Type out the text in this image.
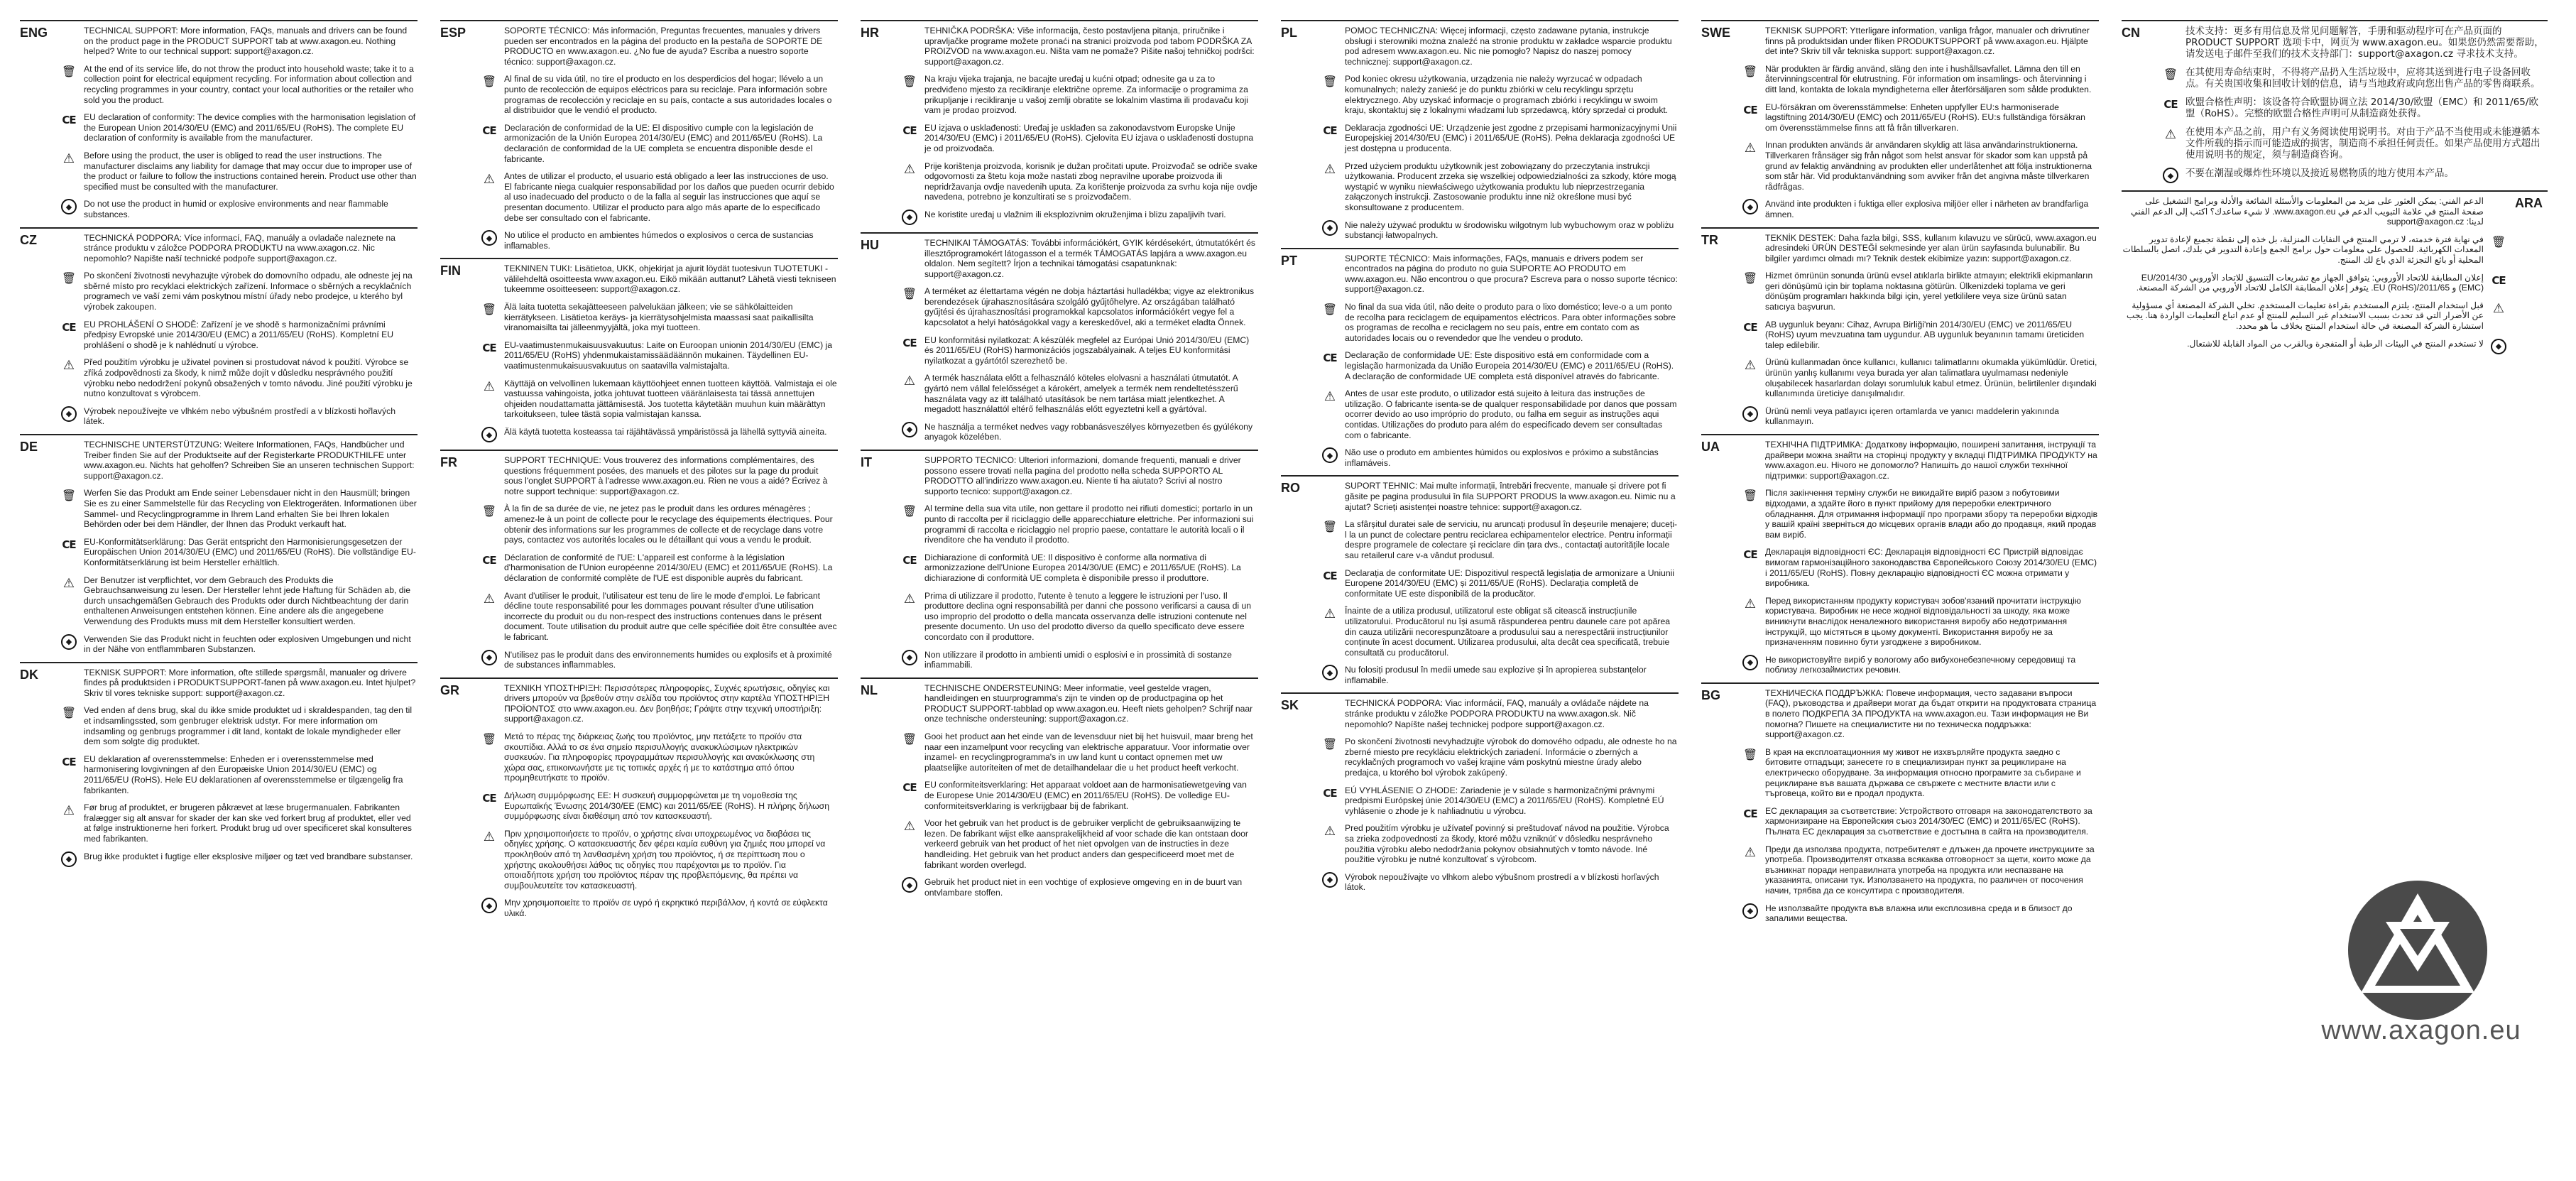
ENG	TECHNICAL SUPPORT: More information, FAQs, manuals and drivers can be found on the product page in the PRODUCT SUPPORT tab at www.axagon.eu. Nothing helped? Write to our technical support: support@axagon.cz.
🗑 At the end of its service life, do not throw the product into household waste; take it to a collection point for electrical equipment recycling. For information about collection and recycling programmes in your country, contact your local authorities or the retailer who sold you the product.
CE EU declaration of conformity: The device complies with the harmonisation legislation of the European Union 2014/30/EU (EMC) and 2011/65/EU (RoHS). The complete EU declaration of conformity is available from the manufacturer.
⚠ Before using the product, the user is obliged to read the user instructions. The manufacturer disclaims any liability for damage that may occur due to improper use of the product or failure to follow the instructions contained herein. Product use other than specified must be consulted with the manufacturer.
◆	Do not use the product in humid or explosive environments and near flammable substances.
CZ	TECHNICKÁ PODPORA: Více informací, FAQ, manuály a ovladače naleznete na stránce produktu v záložce PODPORA PRODUKTU na www.axagon.cz. Nic nepomohlo? Napište naší technické podpoře support@axagon.cz.
🗑 Po skončení životnosti nevyhazujte výrobek do domovního odpadu, ale odneste jej na sběrné místo pro recyklaci elektrických zařízení. Informace o sběrných a recyklačních programech ve vaší zemi vám poskytnou místní úřady nebo prodejce, u kterého byl výrobek zakoupen.
CE EU PROHLÁŠENÍ O SHODĚ: Zařízení je ve shodě s harmonizačními právními předpisy Evropské unie 2014/30/EU (EMC) a 2011/65/EU (RoHS). Kompletní EU prohlášení o shodě je k nahlédnutí u výrobce.
⚠ Před použitím výrobku je uživatel povinen si prostudovat návod k použití. Výrobce se zříká zodpovědnosti za škody, k nimž může dojít v důsledku nesprávného použití výrobku nebo nedodržení pokynů obsažených v tomto návodu. Jiné použití výrobku je nutno konzultovat s výrobcem.
◆	Výrobek nepoužívejte ve vlhkém nebo výbušném prostředí a v blízkosti hořlavých látek.
DE	TECHNISCHE UNTERSTÜTZUNG: Weitere Informationen, FAQs, Handbücher und Treiber finden Sie auf der Produktseite auf der Registerkarte PRODUKTHILFE unter www.axagon.eu. Nichts hat geholfen? Schreiben Sie an unseren technischen Support: support@axagon.cz.
🗑 Werfen Sie das Produkt am Ende seiner Lebensdauer nicht in den Hausmüll; bringen Sie es zu einer Sammelstelle für das Recycling von Elektrogeräten. Informationen über Sammel- und Recyclingprogramme in Ihrem Land erhalten Sie bei Ihren lokalen Behörden oder bei dem Händler, der Ihnen das Produkt verkauft hat.
CE EU-Konformitätserklärung: Das Gerät entspricht den Harmonisierungsgesetzen der Europäischen Union 2014/30/EU (EMC) und 2011/65/EU (RoHS). Die vollständige EU-Konformitätserklärung ist beim Hersteller erhältlich.
⚠ Der Benutzer ist verpflichtet, vor dem Gebrauch des Produkts die Gebrauchsanweisung zu lesen. Der Hersteller lehnt jede Haftung für Schäden ab, die durch unsachgemäßen Gebrauch des Produkts oder durch Nichtbeachtung der darin enthaltenen Anweisungen entstehen können. Eine andere als die angegebene Verwendung des Produkts muss mit dem Hersteller konsultiert werden.
◆	Verwenden Sie das Produkt nicht in feuchten oder explosiven Umgebungen und nicht in der Nähe von entflammbaren Substanzen.
DK	TEKNISK SUPPORT: More information, ofte stillede spørgsmål, manualer og drivere findes på produktsiden i PRODUKTSUPPORT-fanen på www.axagon.eu. Intet hjulpet? Skriv til vores tekniske support: support@axagon.cz.
🗑 Ved enden af dens brug, skal du ikke smide produktet ud i skraldespanden, tag den til et indsamlingssted, som genbruger elektrisk udstyr. For mere information om indsamling og genbrugs programmer i dit land, kontakt de lokale myndigheder eller dem som solgte dig produktet.
CE EU deklaration af overensstemmelse: Enheden er i overensstemmelse med harmonisering lovgivningen af den Europæiske Union 2014/30/EU (EMC) og 2011/65/EU (RoHS). Hele EU deklarationen af overensstemmelse er tilgængelig fra fabrikanten.
⚠ Før brug af produktet, er brugeren påkrævet at læse brugermanualen. Fabrikanten fralægger sig alt ansvar for skader der kan ske ved forkert brug af produktet, eller ved at følge instruktionerne heri forkert. Produkt brug ud over specificeret skal konsulteres med fabrikanten.
◆	Brug ikke produktet i fugtige eller eksplosive miljøer og tæt ved brandbare substanser.
ESP	SOPORTE TÉCNICO: Más información, Preguntas frecuentes, manuales y drivers pueden ser encontrados en la página del producto en la pestaña de SOPORTE DE PRODUCTO en www.axagon.eu. ¿No fue de ayuda? Escriba a nuestro soporte técnico: support@axagon.cz.
🗑 Al final de su vida útil, no tire el producto en los desperdicios del hogar; llévelo a un punto de recolección de equipos eléctricos para su reciclaje. Para información sobre programas de recolección y reciclaje en su país, contacte a sus autoridades locales o al distribuidor que le vendió el producto.
CE Declaración de conformidad de la UE: El dispositivo cumple con la legislación de armonización de la Unión Europea 2014/30/EU (EMC) and 2011/65/EU (RoHS). La declaración de conformidad de la UE completa se encuentra disponible desde el fabricante.
⚠ Antes de utilizar el producto, el usuario está obligado a leer las instrucciones de uso. El fabricante niega cualquier responsabilidad por los daños que pueden ocurrir debido al uso inadecuado del producto o de la falla al seguir las instrucciones que aquí se presentan documento. Utilizar el producto para algo más aparte de lo especificado debe ser consultado con el fabricante.
◆	No utilice el producto en ambientes húmedos o explosivos o cerca de sustancias inflamables.
FIN	TEKNINEN TUKI: Lisätietoa, UKK, ohjekirjat ja ajurit löydät tuotesivun TUOTETUKI -välilehdeltä osoitteesta www.axagon.eu. Eikö mikään auttanut? Lähetä viesti tekniseen tukeemme osoitteeseen: support@axagon.cz.
🗑 Älä laita tuotetta sekajätteeseen palvelukäan jälkeen; vie se sähkölaitteiden kierrätykseen. Lisätietoa keräys- ja kierrätysohjelmista maassasi saat paikallisilta viranomaisilta tai jälleenmyyjältä, joka myi tuotteen.
CE EU-vaatimustenmukaisuusvakuutus: Laite on Euroopan unionin 2014/30/EU (EMC) ja 2011/65/EU (RoHS) yhdenmukaistamissäädäännön mukainen. Täydellinen EU-vaatimustenmukaisuusvakuutus on saatavilla valmistajalta.
⚠ Käyttäjä on velvollinen lukemaan käyttöohjeet ennen tuotteen käyttöä. Valmistaja ei ole vastuussa vahingoista, jotka johtuvat tuotteen vääränlaisesta tai tässä annettujen ohjeiden noudattamatta jättämisestä. Jos tuotetta käytetään muuhun kuin määrättyn tarkoitukseen, tulee tästä sopia valmistajan kanssa.
◆	Älä käytä tuotetta kosteassa tai räjähtävässä ympäristössä ja lähellä syttyviä aineita.
FR	SUPPORT TECHNIQUE: Vous trouverez des informations complémentaires, des questions fréquemment posées, des manuels et des pilotes sur la page du produit sous l'onglet SUPPORT à l'adresse www.axagon.eu. Rien ne vous a aidé? Écrivez à notre support technique: support@axagon.cz.
🗑 À la fin de sa durée de vie, ne jetez pas le produit dans les ordures ménagères ; amenez-le à un point de collecte pour le recyclage des équipements électriques. Pour obtenir des informations sur les programmes de collecte et de recyclage dans votre pays, contactez vos autorités locales ou le détaillant qui vous a vendu le produit.
CE Déclaration de conformité de l'UE: L'appareil est conforme à la législation d'harmonisation de l'Union européenne 2014/30/EU (EMC) et 2011/65/UE (RoHS). La déclaration de conformité complète de l'UE est disponible auprès du fabricant.
⚠ Avant d'utiliser le produit, l'utilisateur est tenu de lire le mode d'emploi. Le fabricant décline toute responsabilité pour les dommages pouvant résulter d'une utilisation incorrecte du produit ou du non-respect des instructions contenues dans le présent document. Toute utilisation du produit autre que celle spécifiée doit être consultée avec le fabricant.
◆	N'utilisez pas le produit dans des environnements humides ou explosifs et à proximité de substances inflammables.
GR	ΤΕΧΝΙΚΗ ΥΠΟΣΤΗΡΙΞΗ: Περισσότερες πληροφορίες, Συχνές ερωτήσεις, οδηγίες και drivers μπορούν να βρεθούν στην σελίδα του προϊόντος στην καρτέλα ΥΠΟΣΤΗΡΙΞΗ ΠΡΟΪΟΝΤΟΣ στο www.axagon.eu. Δεν βοηθήσε; Γράψτε στην τεχνική υποστήριξη: support@axagon.cz.
🗑 Μετά το πέρας της διάρκειας ζωής του προϊόντος, μην πετάξετε το προϊόν στα σκουπίδια. Αλλά το σε ένα σημείο περισυλλογής ανακυκλώσιμων ηλεκτρικών συσκευών. Για πληροφορίες προγραμμάτων περισυλλογής και ανακύκλωσης στη χώρα σας, επικοινωνήστε με τις τοπικές αρχές ή με το κατάστημα από όπου προμηθευτήκατε το προϊόν.
CE Δήλωση συμμόρφωσης ΕΕ: Η συσκευή συμμορφώνεται με τη νομοθεσία της Ευρωπαϊκής Ένωσης 2014/30/ΕΕ (EMC) και 2011/65/ΕΕ (RoHS). Η πλήρης δήλωση συμμόρφωσης είναι διαθέσιμη από τον κατασκευαστή.
⚠ Πριν χρησιμοποιήσετε το προϊόν, ο χρήστης είναι υποχρεωμένος να διαβάσει τις οδηγίες χρήσης. Ο κατασκευαστής δεν φέρει καμία ευθύνη για ζημιές που μπορεί να προκληθούν από τη λανθασμένη χρήση του προϊόντος, ή σε περίπτωση που ο χρήστης ακολουθήσει λάθος τις οδηγίες που παρέχονται με το προϊόν. Για οποιαδήποτε χρήση του προϊόντος πέραν της προβλεπόμενης, θα πρέπει να συμβουλευτείτε τον κατασκευαστή.
◆	Μην χρησιμοποιείτε το προϊόν σε υγρό ή εκρηκτικό περιβάλλον, ή κοντά σε εύφλεκτα υλικά.
HR	TEHNIČKA PODRŠKA: Više informacija, često postavljena pitanja, priručnike i upravljačke programe možete pronaći na stranici proizvoda pod tabom PODRŠKA ZA PROIZVOD na www.axagon.eu. Ništa vam ne pomaže? Pišite našoj tehničkoj podršci: support@axagon.cz.
🗑 Na kraju vijeka trajanja, ne bacajte uređaj u kućni otpad; odnesite ga u za to predviđeno mjesto za recikliranje električne opreme. Za informacije o programima za prikupljanje i recikliranje u vašoj zemlji obratite se lokalnim vlastima ili prodavaču koji vam je prodao proizvod.
CE EU izjava o usklađenosti: Uređaj je usklađen sa zakonodavstvom Europske Unije 2014/30/EU (EMC) i 2011/65/EU (RoHS). Cjelovita EU izjava o usklađenosti dostupna je od proizvođača.
⚠ Prije korištenja proizvoda, korisnik je dužan pročitati upute. Proizvođač se odriče svake odgovornosti za štetu koja može nastati zbog nepravilne uporabe proizvoda ili nepridržavanja ovdje navedenih uputa. Za korištenje proizvoda za svrhu koja nije ovdje navedena, potrebno je konzultirati se s proizvođačem.
◆	Ne koristite uređaj u vlažnim ili eksplozivnim okruženjima i blizu zapaljivih tvari.
HU	TECHNIKAI TÁMOGATÁS: További információkért, GYIK kérdésekért, útmutatókért és illesztőprogramokért látogasson el a termék TÁMOGATÁS lapjára a www.axagon.eu oldalon. Nem segített? Írjon a technikai támogatási csapatunknak: support@axagon.cz.
🗑 A terméket az élettartama végén ne dobja háztartási hulladékba; vigye az elektronikus berendezések újrahasznosítására szolgáló gyűjtőhelyre. Az országában található gyűjtési és újrahasznosítási programokkal kapcsolatos információkért vegye fel a kapcsolatot a helyi hatóságokkal vagy a kereskedővel, aki a terméket eladta Önnek.
CE EU konformitási nyilatkozat: A készülék megfelel az Európai Unió 2014/30/EU (EMC) és 2011/65/EU (RoHS) harmonizációs jogszabályainak. A teljes EU konformitási nyilatkozat a gyártótól szerezhető be.
⚠ A termék használata előtt a felhasználó köteles elolvasni a használati útmutatót. A gyártó nem vállal felelősséget a károkért, amelyek a termék nem rendeltetésszerű használata vagy az itt található utasítások be nem tartása miatt jelentkezhet. A megadott használattól eltérő felhasználás előtt egyeztetni kell a gyártóval.
◆	Ne használja a terméket nedves vagy robbanásveszélyes környezetben és gyúlékony anyagok közelében.
IT	SUPPORTO TECNICO: Ulteriori informazioni, domande frequenti, manuali e driver possono essere trovati nella pagina del prodotto nella scheda SUPPORTO AL PRODOTTO all'indirizzo www.axagon.eu. Niente ti ha aiutato? Scrivi al nostro supporto tecnico: support@axagon.cz.
🗑 Al termine della sua vita utile, non gettare il prodotto nei rifiuti domestici; portarlo in un punto di raccolta per il riciclaggio delle apparecchiature elettriche. Per informazioni sui programmi di raccolta e riciclaggio nel proprio paese, contattare le autorità locali o il rivenditore che ha venduto il prodotto.
CE Dichiarazione di conformità UE: Il dispositivo è conforme alla normativa di armonizzazione dell'Unione Europea 2014/30/UE (EMC) e 2011/65/UE (RoHS). La dichiarazione di conformità UE completa è disponibile presso il produttore.
⚠ Prima di utilizzare il prodotto, l'utente è tenuto a leggere le istruzioni per l'uso. Il produttore declina ogni responsabilità per danni che possono verificarsi a causa di un uso improprio del prodotto o della mancata osservanza delle istruzioni contenute nel presente documento. Un uso del prodotto diverso da quello specificato deve essere concordato con il produttore.
◆	Non utilizzare il prodotto in ambienti umidi o esplosivi e in prossimità di sostanze infiammabili.
NL	TECHNISCHE ONDERSTEUNING: Meer informatie, veel gestelde vragen, handleidingen en stuurprogramma's zijn te vinden op de productpagina op het PRODUCT SUPPORT-tabblad op www.axagon.eu. Heeft niets geholpen? Schrijf naar onze technische ondersteuning: support@axagon.cz.
🗑 Gooi het product aan het einde van de levensduur niet bij het huisvuil, maar breng het naar een inzamelpunt voor recycling van elektrische apparatuur. Voor informatie over inzamel- en recyclingprogramma's in uw land kunt u contact opnemen met uw plaatselijke autoriteiten of met de detailhandelaar die u het product heeft verkocht.
CE EU conformiteitsverklaring: Het apparaat voldoet aan de harmonisatiewetgeving van de Europese Unie 2014/30/EU (EMC) en 2011/65/EU (RoHS). De volledige EU-conformiteitsverklaring is verkrijgbaar bij de fabrikant.
⚠ Voor het gebruik van het product is de gebruiker verplicht de gebruiksaanwijzing te lezen. De fabrikant wijst elke aansprakelijkheid af voor schade die kan ontstaan door verkeerd gebruik van het product of het niet opvolgen van de instructies in deze handleiding. Het gebruik van het product anders dan gespecificeerd moet met de fabrikant worden overlegd.
◆	Gebruik het product niet in een vochtige of explosieve omgeving en in de buurt van ontvlambare stoffen.
PL	POMOC TECHNICZNA: Więcej informacji, często zadawane pytania, instrukcje obsługi i sterowniki można znaleźć na stronie produktu w zakładce wsparcie produktu pod adresem www.axagon.eu. Nic nie pomogło? Napisz do naszej pomocy technicznej: support@axagon.cz.
🗑 Pod koniec okresu użytkowania, urządzenia nie należy wyrzucać w odpadach komunalnych; należy zanieść je do punktu zbiórki w celu recyklingu sprzętu elektrycznego. Aby uzyskać informacje o programach zbiórki i recyklingu w swoim kraju, skontaktuj się z lokalnymi władzami lub sprzedawcą, który sprzedał ci produkt.
CE Deklaracja zgodności UE: Urządzenie jest zgodne z przepisami harmonizacyjnymi Unii Europejskiej 2014/30/EU (EMC) i 2011/65/UE (RoHS). Pełna deklaracja zgodności UE jest dostępna u producenta.
⚠ Przed użyciem produktu użytkownik jest zobowiązany do przeczytania instrukcji użytkowania. Producent zrzeka się wszelkiej odpowiedzialności za szkody, które mogą wystąpić w wyniku niewłaściwego użytkowania produktu lub nieprzestrzegania załączonych instrukcji. Zastosowanie produktu inne niż określone musi być skonsultowane z producentem.
◆	Nie należy używać produktu w środowisku wilgotnym lub wybuchowym oraz w pobliżu substancji łatwopalnych.
PT	SUPORTE TÉCNICO: Mais informações, FAQs, manuais e drivers podem ser encontrados na página do produto no guia SUPORTE AO PRODUTO em www.axagon.eu. Não encontrou o que procura? Escreva para o nosso suporte técnico: support@axagon.cz.
🗑 No final da sua vida útil, não deite o produto para o lixo doméstico; leve-o a um ponto de recolha para reciclagem de equipamentos eléctricos. Para obter informações sobre os programas de recolha e reciclagem no seu país, entre em contato com as autoridades locais ou o revendedor que lhe vendeu o produto.
CE Declaração de conformidade UE: Este dispositivo está em conformidade com a legislação harmonizada da União Europeia 2014/30/EU (EMC) e 2011/65/EU (RoHS). A declaração de conformidade UE completa está disponível através do fabricante.
⚠ Antes de usar este produto, o utilizador está sujeito à leitura das instruções de utilização. O fabricante isenta-se de qualquer responsabilidade por danos que possam ocorrer devido ao uso impróprio do produto, ou falha em seguir as instruções aqui contidas. Utilizações do produto para além do especificado devem ser consultadas com o fabricante.
◆	Não use o produto em ambientes húmidos ou explosivos e próximo a substâncias inflamáveis.
RO	SUPORT TEHNIC: Mai multe informații, întrebări frecvente, manuale și drivere pot fi găsite pe pagina produsului în fila SUPPORT PRODUS la www.axagon.eu. Nimic nu a ajutat? Scrieți asistenței noastre tehnice: support@axagon.cz.
🗑 La sfârșitul duratei sale de serviciu, nu aruncați produsul în deșeurile menajere; duceți-l la un punct de colectare pentru reciclarea echipamentelor electrice. Pentru informații despre programele de colectare și reciclare din țara dvs., contactați autoritățile locale sau retailerul care v-a vândut produsul.
CE Declarația de conformitate UE: Dispozitivul respectă legislația de armonizare a Uniunii Europene 2014/30/EU (EMC) și 2011/65/UE (RoHS). Declarația completă de conformitate UE este disponibilă de la producător.
⚠ Înainte de a utiliza produsul, utilizatorul este obligat să citească instrucțiunile utilizatorului. Producătorul nu își asumă răspunderea pentru daunele care pot apărea din cauza utilizării necorespunzătoare a produsului sau a nerespectării instrucțiunilor conținute în acest document. Utilizarea produsului, alta decât cea specificată, trebuie consultată cu producătorul.
◆	Nu folosiți produsul în medii umede sau explozive și în apropierea substanțelor inflamabile.
SK	TECHNICKÁ PODPORA: Viac informácií, FAQ, manuály a ovládače nájdete na stránke produktu v záložke PODPORA PRODUKTU na www.axagon.sk. Nič nepomohlo? Napíšte našej technickej podpore support@axagon.cz.
🗑 Po skončení životnosti nevyhadzujte výrobok do domového odpadu, ale odneste ho na zberné miesto pre recykláciu elektrických zariadení. Informácie o zberných a recyklačných programoch vo vašej krajine vám poskytnú miestne úrady alebo predajca, u ktorého bol výrobok zakúpený.
CE EÚ VYHLÁSENIE O ZHODE: Zariadenie je v súlade s harmonizačnými právnymi predpismi Európskej únie 2014/30/EU (EMC) a 2011/65/EU (RoHS). Kompletné EÚ vyhlásenie o zhode je k nahliadnutiu u výrobcu.
⚠ Pred použitím výrobku je užívateľ povinný si preštudovať návod na použitie. Výrobca sa zrieka zodpovednosti za škody, ktoré môžu vzniknúť v dôsledku nesprávneho použitia výrobku alebo nedodržania pokynov obsiahnutých v tomto návode. Iné použitie výrobku je nutné konzultovať s výrobcom.
◆	Výrobok nepoužívajte vo vlhkom alebo výbušnom prostredí a v blízkosti horľavých látok.
SWE	TEKNISK SUPPORT: Ytterligare information, vanliga frågor, manualer och drivrutiner finns på produktsidan under fliken PRODUKTSUPPORT på www.axagon.eu. Hjälpte det inte? Skriv till vår tekniska support: support@axagon.cz.
🗑 När produkten är färdig använd, släng den inte i hushållsavfallet. Lämna den till en återvinningscentral för elutrustning. För information om insamlings- och återvinning i ditt land, kontakta de lokala myndigheterna eller återförsäljaren som sålde produkten.
CE EU-försäkran om överensstämmelse: Enheten uppfyller EU:s harmoniserade lagstiftning 2014/30/EU (EMC) och 2011/65/EU (RoHS). EU:s fullständiga försäkran om överensstämmelse finns att få från tillverkaren.
⚠ Innan produkten används är användaren skyldig att läsa användarinstruktionerna. Tillverkaren frånsäger sig från något som helst ansvar för skador som kan uppstå på grund av felaktig användning av produkten eller underlåtenhet att följa instruktionerna som står här. Vid produktanvändning som avviker från det angivna måste tillverkaren rådfrågas.
◆	Använd inte produkten i fuktiga eller explosiva miljöer eller i närheten av brandfarliga ämnen.
TR	TEKNİK DESTEK: Daha fazla bilgi, SSS, kullanım kılavuzu ve sürücü, www.axagon.eu adresindeki ÜRÜN DESTEĞİ sekmesinde yer alan ürün sayfasında bulunabilir. Bu bilgiler yardımcı olmadı mı? Teknik destek ekibimize yazın: support@axagon.cz.
🗑 Hizmet ömrünün sonunda ürünü evsel atıklarla birlikte atmayın; elektrikli ekipmanların geri dönüşümü için bir toplama noktasına götürün. Ülkenizdeki toplama ve geri dönüşüm programları hakkında bilgi için, yerel yetkililere veya size ürünü satan satıcıya başvurun.
CE AB uygunluk beyanı: Cihaz, Avrupa Birliği'nin 2014/30/EU (EMC) ve 2011/65/EU (RoHS) uyum mevzuatına tam uygundur. AB uygunluk beyanının tamamı üreticiden talep edilebilir.
⚠ Ürünü kullanmadan önce kullanıcı, kullanıcı talimatlarını okumakla yükümlüdür. Üretici, ürünün yanlış kullanımı veya burada yer alan talimatlara uyulmaması nedeniyle oluşabilecek hasarlardan dolayı sorumluluk kabul etmez. Ürünün, belirtilenler dışındaki kullanımında üreticiye danışılmalıdır.
◆	Ürünü nemli veya patlayıcı içeren ortamlarda ve yanıcı maddelerin yakınında kullanmayın.
UA	ТЕХНІЧНА ПІДТРИМКА: Додаткову інформацію, поширені запитання, інструкції та драйвери можна знайти на сторінці продукту у вкладці ПІДТРИМКА ПРОДУКТУ на www.axagon.eu. Нічого не допомогло? Напишіть до нашої служби технічної підтримки: support@axagon.cz.
🗑 Після закінчення терміну служби не викидайте виріб разом з побутовими відходами, а здайте його в пункт прийому для переробки електричного обладнання. Для отримання інформації про програми збору та переробки відходів у вашій країні зверніться до місцевих органів влади або до продавця, який продав вам виріб.
CE Декларація відповідності ЄС: Декларація відповідності ЄС Пристрій відповідає вимогам гармонізаційного законодавства Європейського Союзу 2014/30/EU (EMC) і 2011/65/EU (RoHS). Повну декларацію відповідності ЄС можна отримати у виробника.
⚠ Перед використанням продукту користувач зобов'язаний прочитати інструкцію користувача. Виробник не несе жодної відповідальності за шкоду, яка може виникнути внаслідок неналежного використання виробу або недотримання інструкцій, що містяться в цьому документі. Використання виробу не за призначенням повинно бути узгоджене з виробником.
◆	Не використовуйте виріб у вологому або вибухонебезпечному середовищі та поблизу легкозаймистих речовин.
BG	ТЕХНИЧЕСКА ПОДДРЪЖКА: Повече информация, често задавани въпроси (FAQ), ръководства и драйвери могат да бъдат открити на продуктовата страница в полето ПОДКРЕПА ЗА ПРОДУКТА на www.axagon.eu. Тази информация не Ви помогна? Пишете на специалистите ни по техническа поддръжка: support@axagon.cz.
🗑 В края на експлоатационния му живот не изхвърляйте продукта заедно с битовите отпадъци; занесете го в специализиран пункт за рециклиране на електрическо оборудване. За информация относно програмите за събиране и рециклиране във вашата държава се свържете с местните власти или с търговеца, който ви е продал продукта.
CE ЕС декларация за съответствие: Устройството отговаря на законодателството за хармонизиране на Европейския съюз 2014/30/ЕС (EMC) и 2011/65/ЕС (RoHS). Пълната ЕС декларация за съответствие е достъпна в сайта на производителя.
⚠ Преди да използва продукта, потребителят е длъжен да прочете инструкциите за употреба. Производителят отказва всякаква отговорност за щети, които може да възникнат поради неправилната употреба на продукта или неспазване на указанията, описани тук. Използването на продукта, по различен от посочения начин, трябва да се консултира с производителя.
◆	Не използвайте продукта във влажна или експлозивна среда и в близост до запалими вещества.
CN	技术支持：更多有用信息及常见问题解答，手册和驱动程序可在产品页面的 PRODUCT SUPPORT 选项卡中，网页为 www.axagon.eu。如果您仍然需要帮助，请发送电子邮件至我们的技术支持部门：support@axagon.cz 寻求技术支持。
🗑 在其使用寿命结束时，不得将产品扔入生活垃圾中，应将其送到进行电子设备回收点。有关贵国收集和回收计划的信息，请与当地政府或向您出售产品的零售商联系。
CE 欧盟合格性声明：该设备符合欧盟协调立法 2014/30/欧盟（EMC）和 2011/65/欧盟（RoHS）。完整的欧盟合格性声明可从制造商处获得。
⚠ 在使用本产品之前，用户有义务阅读使用说明书。对由于产品不当使用或未能遵循本文件所载的指示而可能造成的损害，制造商不承担任何责任。如果产品使用方式超出使用说明书的规定，须与制造商咨询。
◆	不要在潮湿或爆炸性环境以及接近易燃物质的地方使用本产品。
ARA
الدعم الفني: يمكن العثور على مزيد من المعلومات والأسئلة الشائعة والأدلة وبرامج التشغيل على صفحة المنتج في علامة التبويب الدعم في www.axagon.eu. لا شيء ساعدك؟ اكتب إلى الدعم الفني لدينا: support@axagon.cz
🗑
في نهاية فترة خدمته، لا ترمي المنتج في النفايات المنزلية، بل خذه إلى نقطة تجميع لإعادة تدوير المعدات الكهربائية. للحصول على معلومات حول برامج الجمع وإعادة التدوير في بلدك، اتصل بالسلطات المحلية أو بائع التجزئة الذي باع لك المنتج.
CE
إعلان المطابقة للاتحاد الأوروبي: يتوافق الجهاز مع تشريعات التنسيق للاتحاد الأوروبي 2014/30/EU (EMC) و 2011/65/EU (RoHS). يتوفر إعلان المطابقة الكامل للاتحاد الأوروبي من الشركة المصنعة.
⚠
قبل استخدام المنتج، يلتزم المستخدم بقراءة تعليمات المستخدم. تخلي الشركة المصنعة أي مسؤولية عن الأضرار التي قد تحدث بسبب الاستخدام غير السليم للمنتج أو عدم اتباع التعليمات الواردة هنا. يجب استشارة الشركة المصنعة في حالة استخدام المنتج بخلاف ما هو محدد.
◆
لا تستخدم المنتج في البيئات الرطبة أو المتفجرة وبالقرب من المواد القابلة للاشتعال.
www.axagon.eu
